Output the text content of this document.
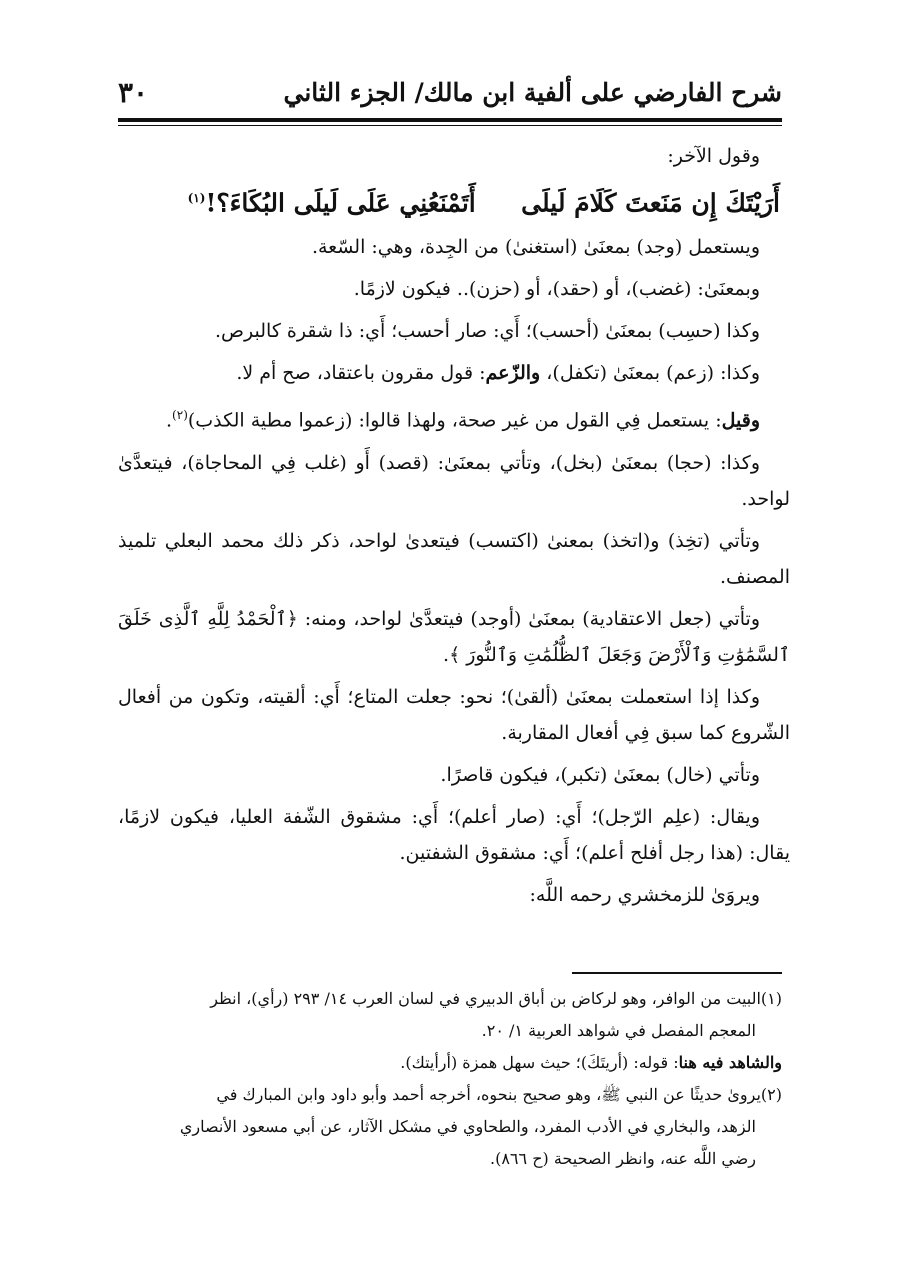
شرح الفارضي على ألفية ابن مالك/ الجزء الثاني
٣٠

وقول الآخر:

أَرَيْتَكَ إِن مَنَعتَ كَلَامَ لَيلَى  أَتَمْنَعُنِي عَلَى لَيلَى البُكَاءَ؟!$^{(١)}$

ويستعمل (وجد) بمعنَىٰ (استغنىٰ) من الجِدة، وهي: السّعة.

وبمعنَىٰ: (غضب)، أو (حقد)، أو (حزن).. فيكون لازمًا.

وكذا (حسِب) بمعنَىٰ (أحسب)؛ أَي: صار أحسب؛ أَي: ذا شقرة كالبرص.

وكذا: (زعم) بمعنَىٰ (تكفل)، والزّعم: قول مقرون باعتقاد، صح أم لا.

وقيل: يستعمل فِي القول من غير صحة، ولهذا قالوا: (زعموا مطية الكذب)$^{(٢)}$.

وكذا: (حجا) بمعنَىٰ (بخل)، وتأتي بمعنَىٰ: (قصد) أَو (غلب فِي المحاجاة)، فيتعدَّىٰ لواحد.

وتأتي (تخِذ) و(اتخذ) بمعنىٰ (اكتسب) فيتعدىٰ لواحد، ذكر ذلك محمد البعلي تلميذ المصنف.

وتأتي (جعل الاعتقادية) بمعنَىٰ (أوجد) فيتعدَّىٰ لواحد، ومنه: ﴿ٱلْحَمْدُ لِلَّهِ ٱلَّذِى خَلَقَ ٱلسَّمَٰوَٰتِ وَٱلْأَرْضَ وَجَعَلَ ٱلظُّلُمَٰتِ وَٱلنُّورَ ﴾.

وكذا إذا استعملت بمعنَىٰ (ألقىٰ)؛ نحو: جعلت المتاع؛ أَي: ألقيته، وتكون من أفعال الشّروع كما سبق فِي أفعال المقاربة.

وتأتي (خال) بمعنَىٰ (تكبر)، فيكون قاصرًا.

ويقال: (علِم الرّجل)؛ أَي: (صار أعلم)؛ أَي: مشقوق الشّفة العليا، فيكون لازمًا، يقال: (هذا رجل أفلح أعلم)؛ أَي: مشقوق الشفتين.

ويروَىٰ للزمخشري رحمه اللَّه:

(١)البيت من الوافر، وهو لركاض بن أباق الدبيري في لسان العرب ١٤/ ٢٩٣ (رأي)، انظر

المعجم المفصل في شواهد العربية ١/ ٢٠.

والشاهد فيه هنا: قوله: (أريتَكَ)؛ حيث سهل همزة (أرأيتك).

(٢)يروىٰ حديثًا عن النبي ﷺ، وهو صحيح بنحوه، أخرجه أحمد وأبو داود وابن المبارك في

الزهد، والبخاري في الأدب المفرد، والطحاوي في مشكل الآثار، عن أبي مسعود الأنصاري

رضي اللَّه عنه، وانظر الصحيحة (ح ٨٦٦).
